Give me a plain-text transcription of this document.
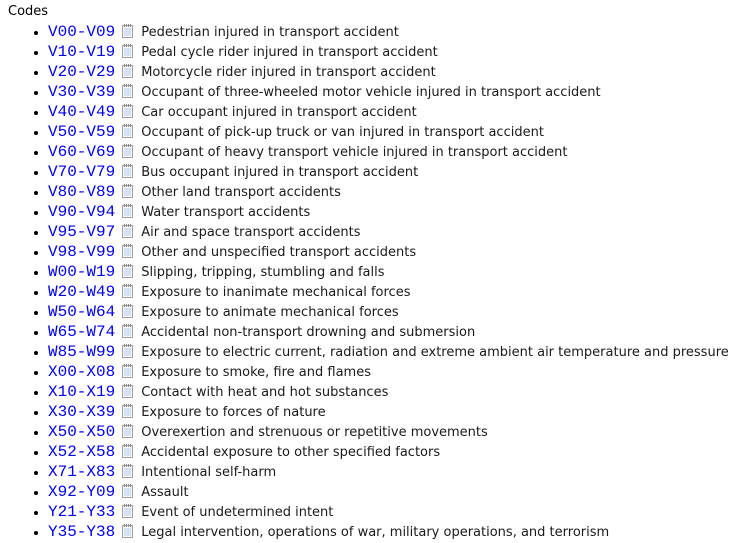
Codes
• V00-V09 Pedestrian injured in transport accident
• V10-V19 Pedal cycle rider injured in transport accident
• V20-V29 Motorcycle rider injured in transport accident
• V30-V39 Occupant of three-wheeled motor vehicle injured in transport accident
• V40-V49 Car occupant injured in transport accident
• V50-V59 Occupant of pick-up truck or van injured in transport accident
• V60-V69 Occupant of heavy transport vehicle injured in transport accident
• V70-V79 Bus occupant injured in transport accident
• V80-V89 Other land transport accidents
• V90-V94 Water transport accidents
• V95-V97 Air and space transport accidents
• V98-V99 Other and unspecified transport accidents
• W00-W19 Slipping, tripping, stumbling and falls
• W20-W49 Exposure to inanimate mechanical forces
• W50-W64 Exposure to animate mechanical forces
• W65-W74 Accidental non-transport drowning and submersion
• W85-W99 Exposure to electric current, radiation and extreme ambient air temperature and pressure
• X00-X08 Exposure to smoke, fire and flames
• X10-X19 Contact with heat and hot substances
• X30-X39 Exposure to forces of nature
• X50-X50 Overexertion and strenuous or repetitive movements
• X52-X58 Accidental exposure to other specified factors
• X71-X83 Intentional self-harm
• X92-Y09 Assault
• Y21-Y33 Event of undetermined intent
• Y35-Y38 Legal intervention, operations of war, military operations, and terrorism
